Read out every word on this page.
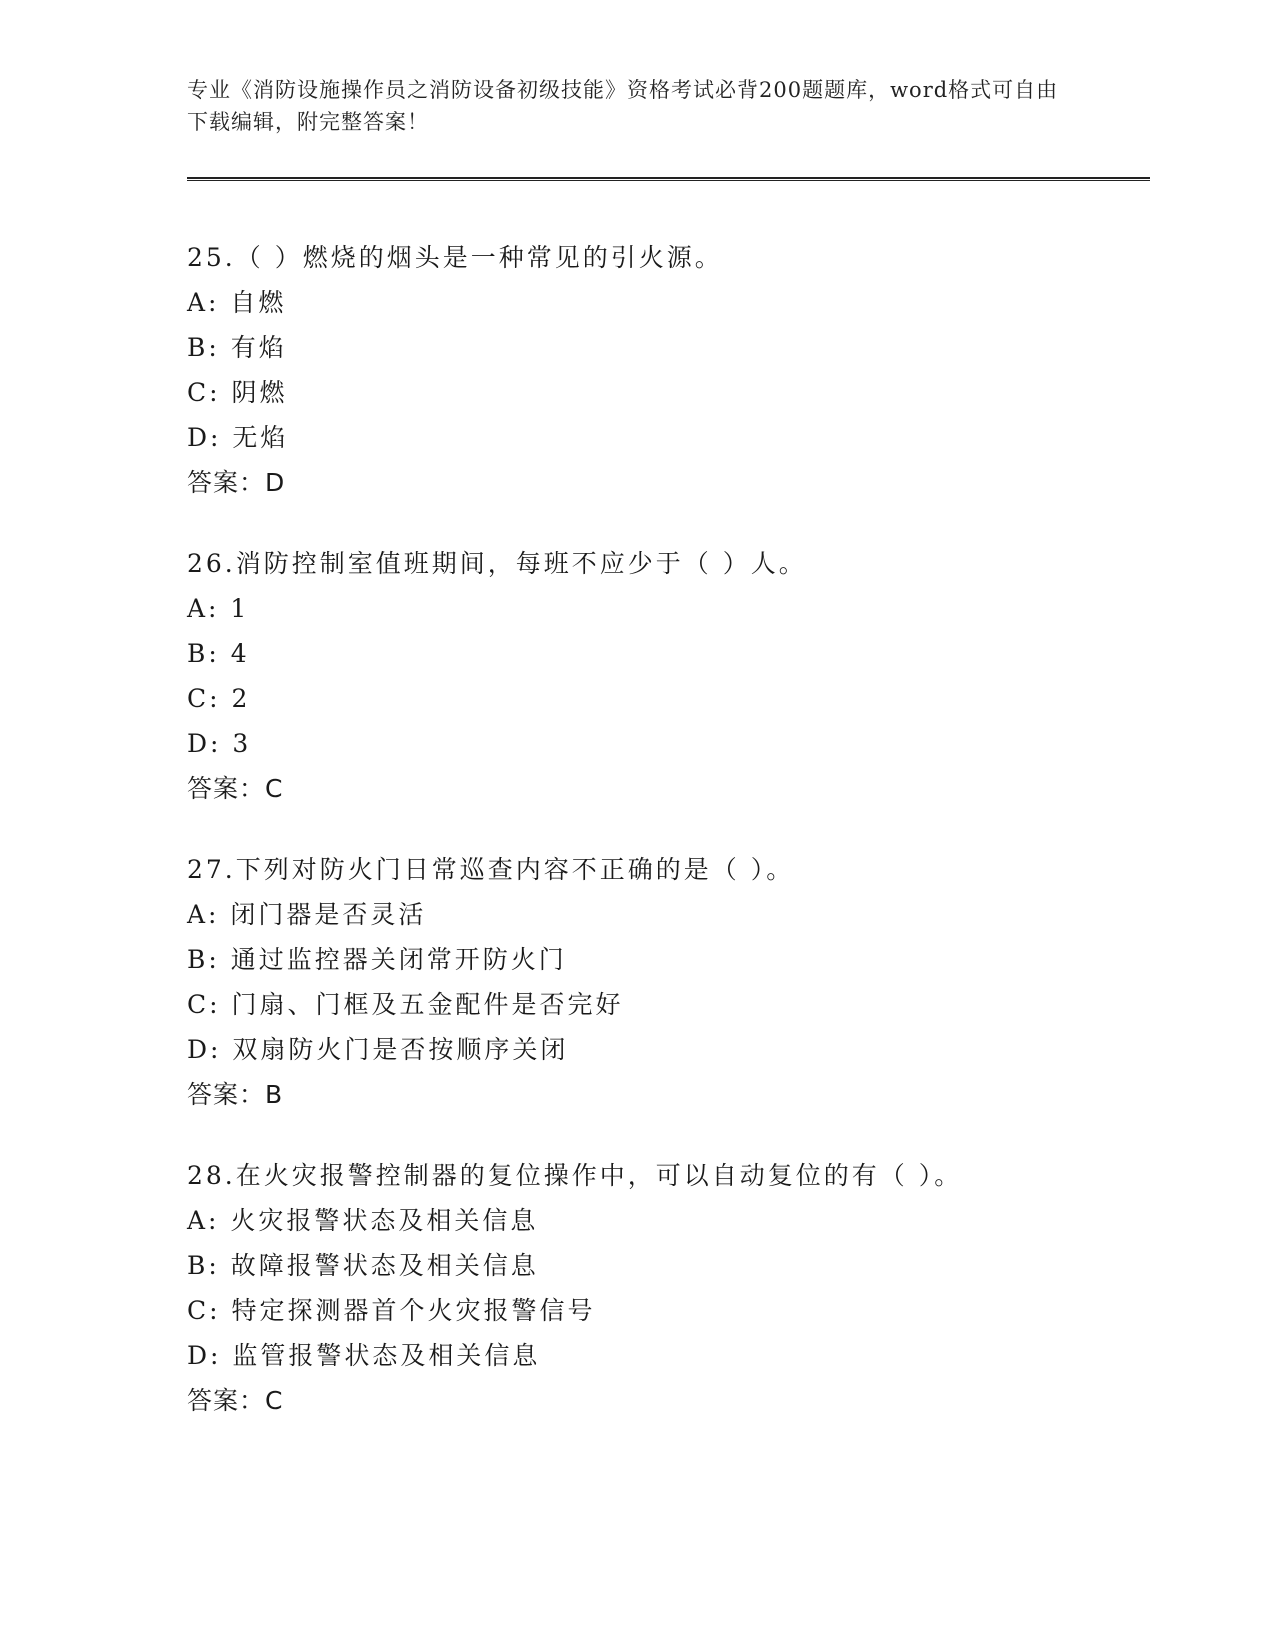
专业《消防设施操作员之消防设备初级技能》资格考试必背200题题库，word格式可自由下载编辑，附完整答案！
25.（ ）燃烧的烟头是一种常见的引火源。
A: 自燃
B: 有焰
C: 阴燃
D: 无焰
答案：D
26.消防控制室值班期间，每班不应少于（ ）人。
A: 1
B: 4
C: 2
D: 3
答案：C
27.下列对防火门日常巡查内容不正确的是（ ）。
A: 闭门器是否灵活
B: 通过监控器关闭常开防火门
C: 门扇、门框及五金配件是否完好
D: 双扇防火门是否按顺序关闭
答案：B
28.在火灾报警控制器的复位操作中，可以自动复位的有（ ）。
A: 火灾报警状态及相关信息
B: 故障报警状态及相关信息
C: 特定探测器首个火灾报警信号
D: 监管报警状态及相关信息
答案：C
